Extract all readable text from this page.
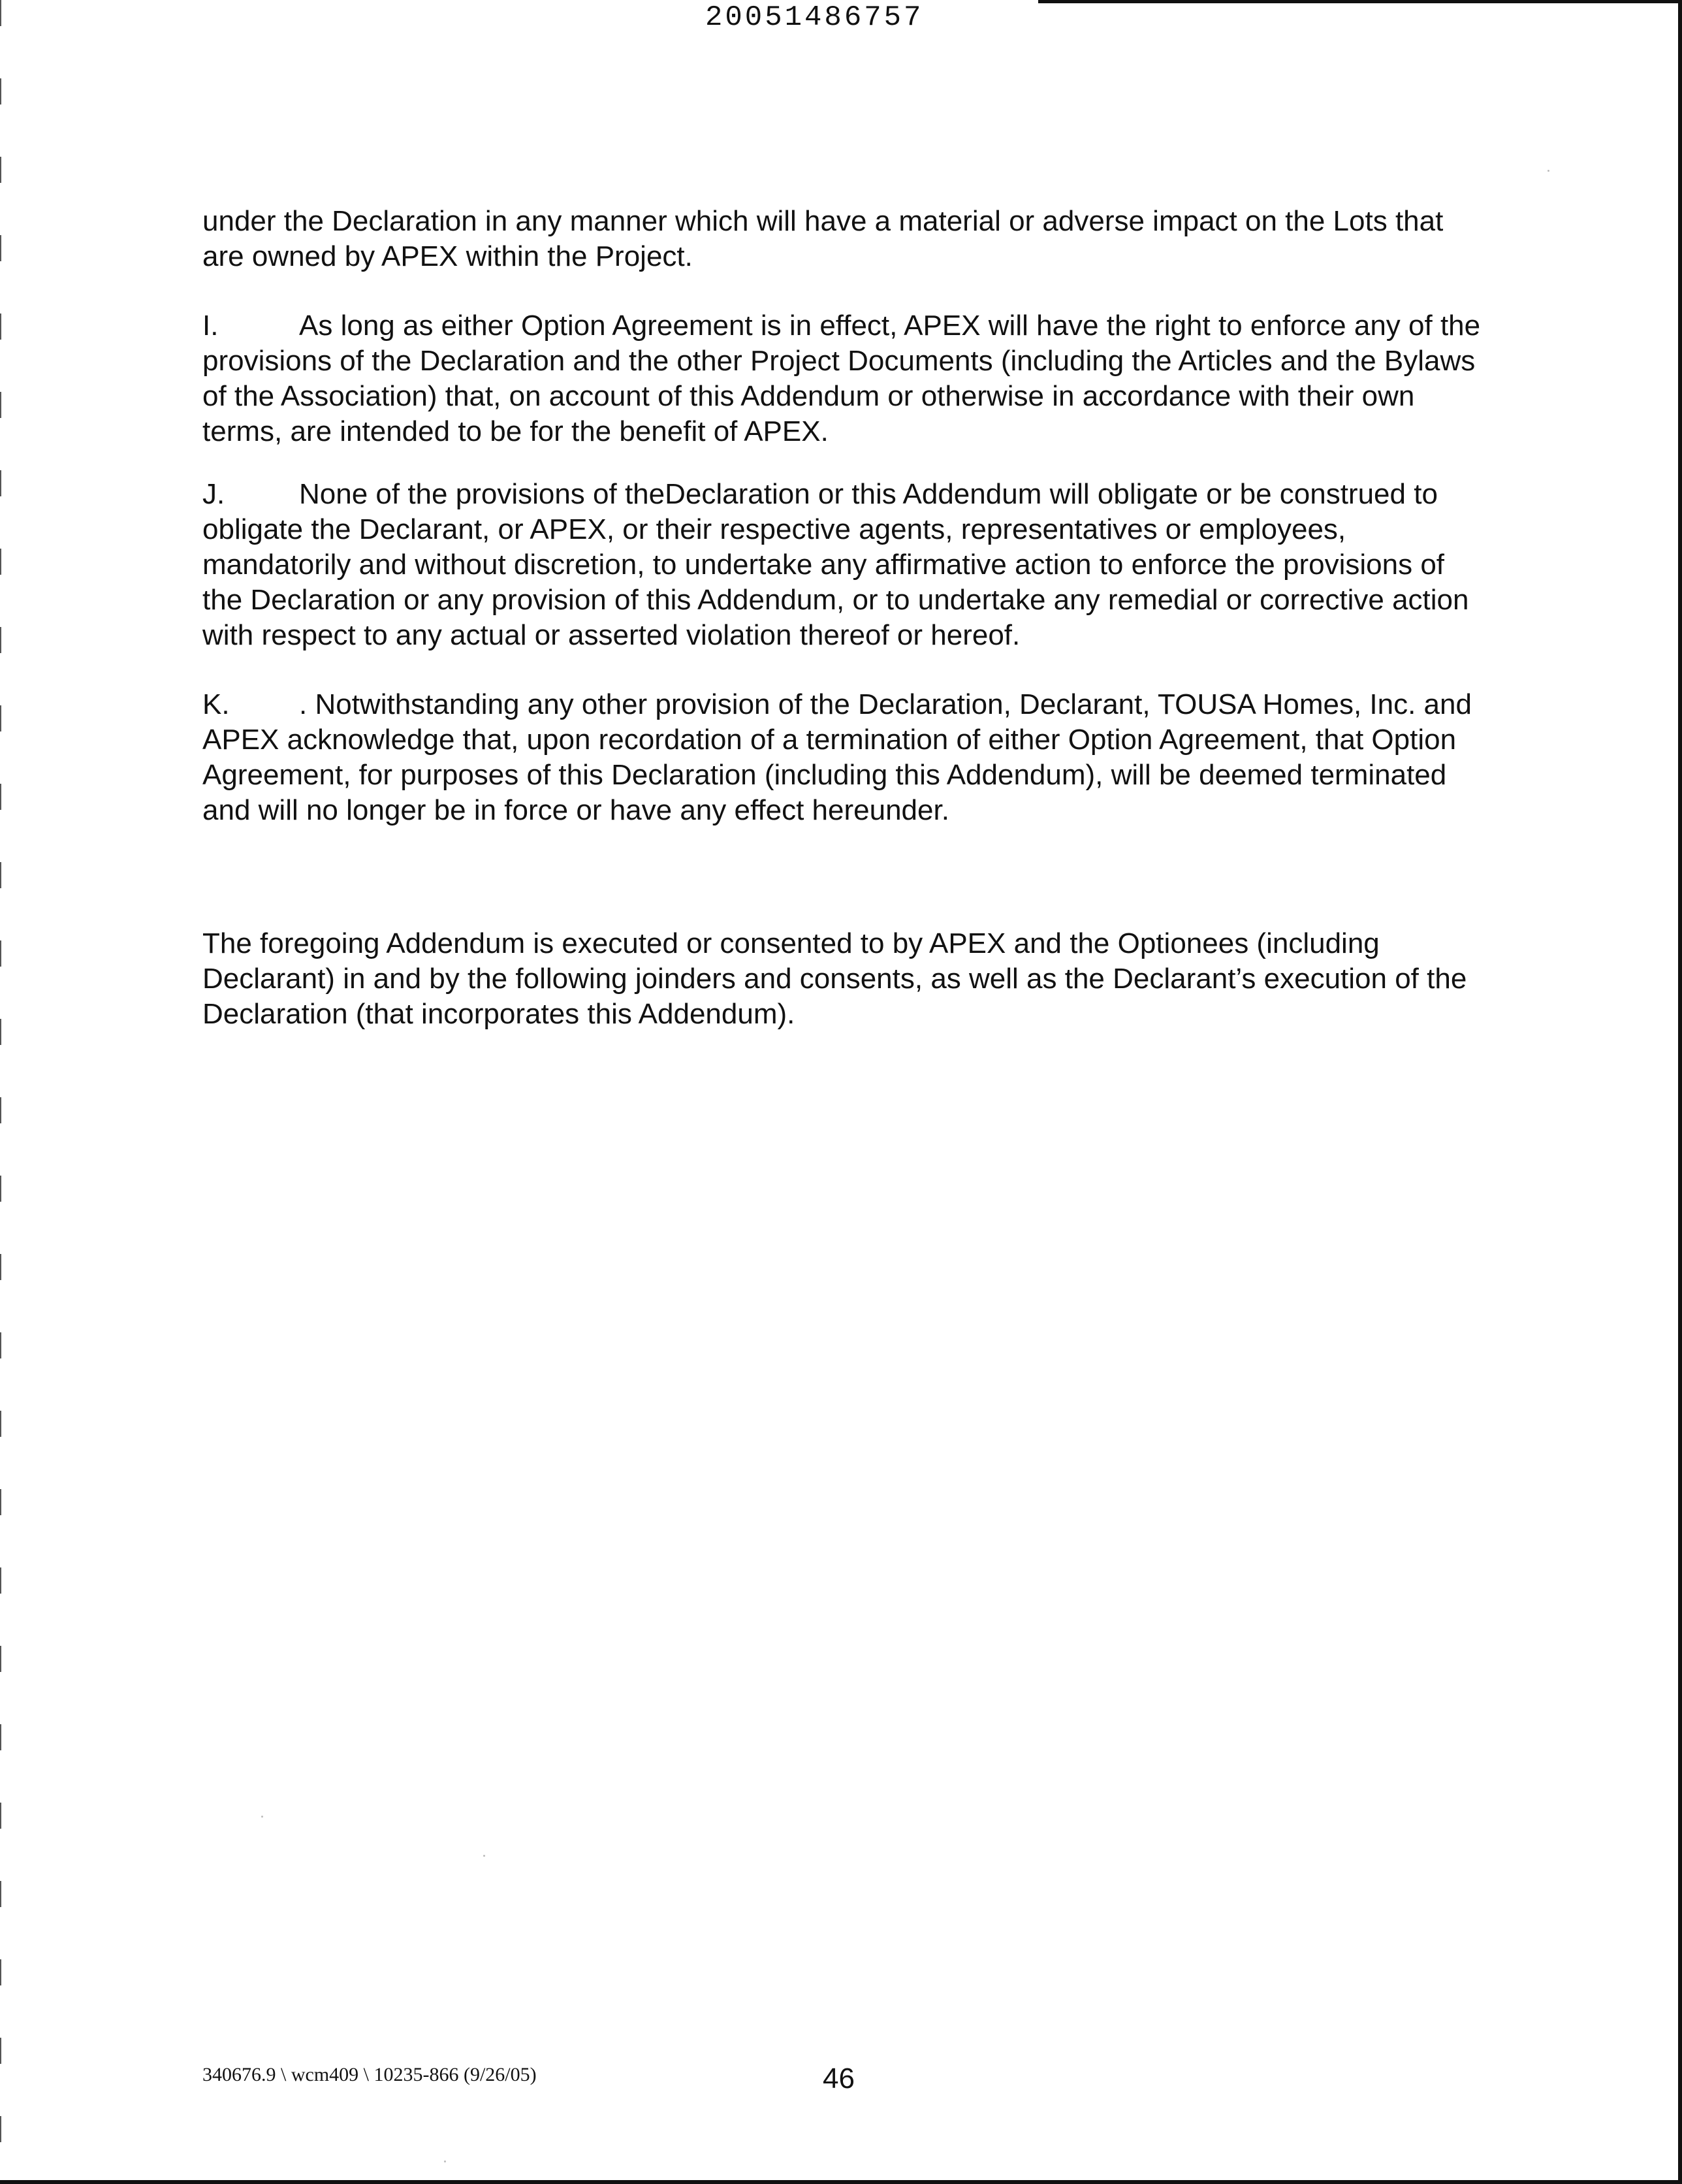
20051486757

under the Declaration in any manner which will have a material or adverse impact on the Lots that are owned by APEX within the Project.

I.	As long as either Option Agreement is in effect, APEX will have the right to enforce any of the provisions of the Declaration and the other Project Documents (including the Articles and the Bylaws of the Association) that, on account of this Addendum or otherwise in accordance with their own terms, are intended to be for the benefit of APEX.

J.	None of the provisions of theDeclaration or this Addendum will obligate or be construed to obligate the Declarant, or APEX, or their respective agents, representatives or employees, mandatorily and without discretion, to undertake any affirmative action to enforce the provisions of the Declaration or any provision of this Addendum, or to undertake any remedial or corrective action with respect to any actual or asserted violation thereof or hereof.

K. . Notwithstanding any other provision of the Declaration, Declarant, TOUSA Homes, Inc. and APEX acknowledge that, upon recordation of a termination of either Option Agreement, that Option Agreement, for purposes of this Declaration (including this Addendum), will be deemed terminated and will no longer be in force or have any effect hereunder.

The foregoing Addendum is executed or consented to by APEX and the Optionees (including Declarant) in and by the following joinders and consents, as well as the Declarant’s execution of the Declaration (that incorporates this Addendum).

340676.9 \ wcm409 \ 10235-866 (9/26/05)	46
